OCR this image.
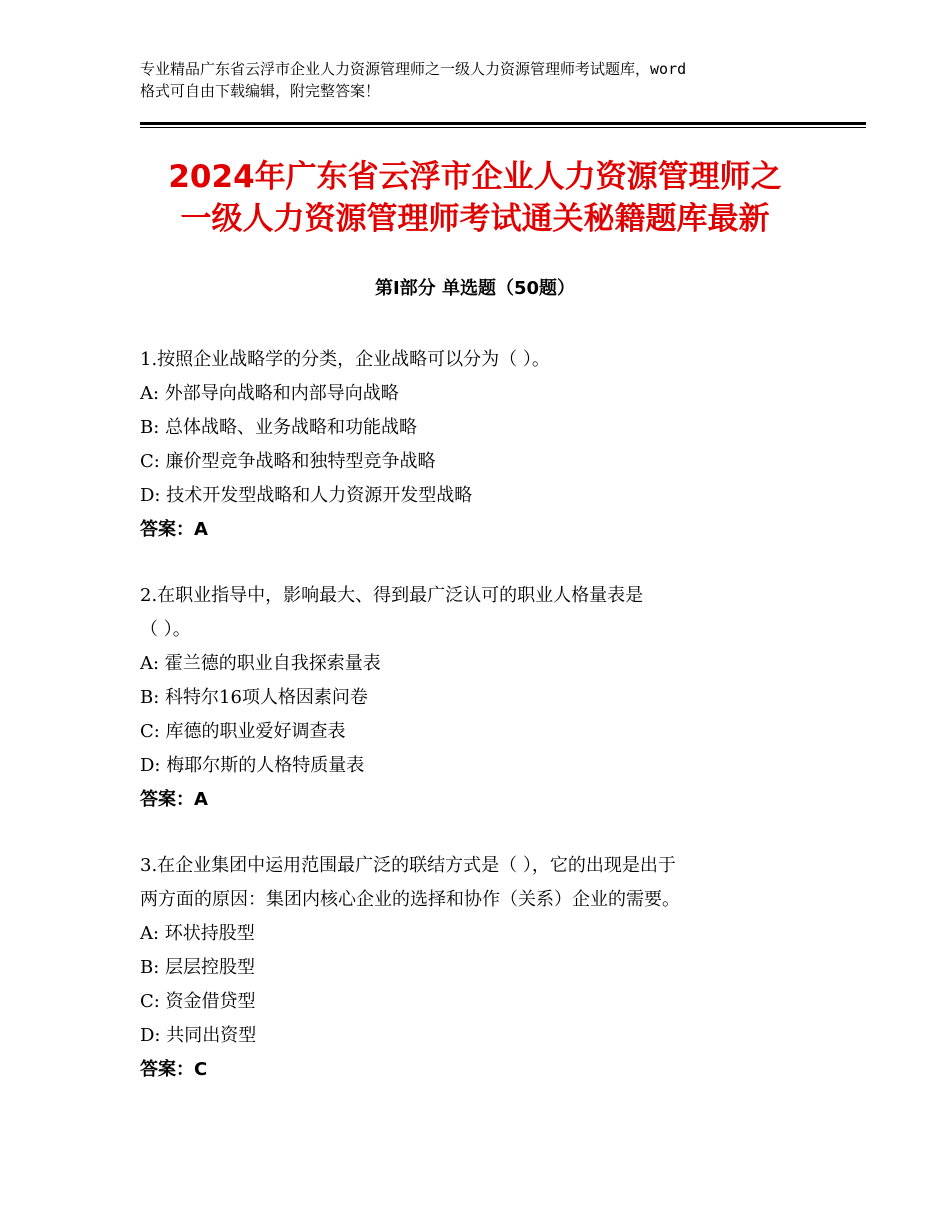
专业精品广东省云浮市企业人力资源管理师之一级人力资源管理师考试题库，word
格式可自由下载编辑，附完整答案！
2024年广东省云浮市企业人力资源管理师之
一级人力资源管理师考试通关秘籍题库最新
第Ⅰ部分 单选题（50题）
1.按照企业战略学的分类，企业战略可以分为（ ）。
A: 外部导向战略和内部导向战略
B: 总体战略、业务战略和功能战略
C: 廉价型竞争战略和独特型竞争战略
D: 技术开发型战略和人力资源开发型战略
答案：A
2.在职业指导中，影响最大、得到最广泛认可的职业人格量表是
（ ）。
A: 霍兰德的职业自我探索量表
B: 科特尔16项人格因素问卷
C: 库德的职业爱好调查表
D: 梅耶尔斯的人格特质量表
答案：A
3.在企业集团中运用范围最广泛的联结方式是（ ），它的出现是出于
两方面的原因：集团内核心企业的选择和协作（关系）企业的需要。
A: 环状持股型
B: 层层控股型
C: 资金借贷型
D: 共同出资型
答案：C
